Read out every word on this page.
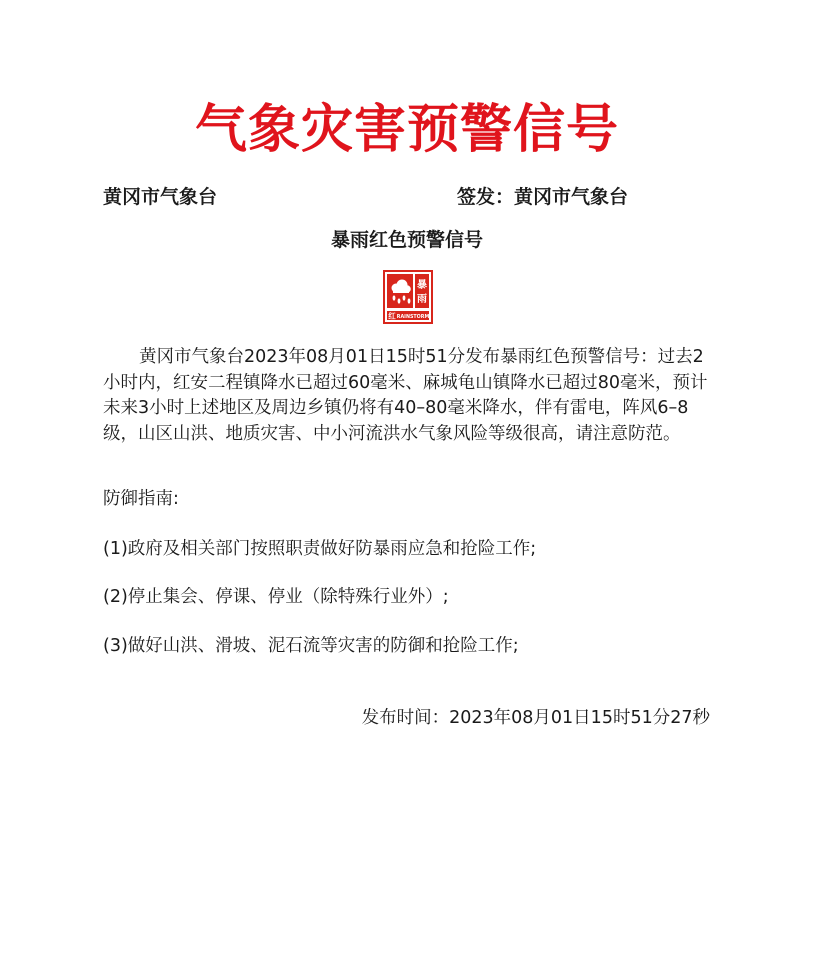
气象灾害预警信号
黄冈市气象台	签发：黄冈市气象台
暴雨红色预警信号
暴
雨
红 RAINSTORM

黄冈市气象台2023年08月01日15时51分发布暴雨红色预警信号：过去2小时内，红安二程镇降水已超过60毫米、麻城龟山镇降水已超过80毫米，预计未来3小时上述地区及周边乡镇仍将有40–80毫米降水，伴有雷电，阵风6–8级，山区山洪、地质灾害、中小河流洪水气象风险等级很高，请注意防范。

防御指南:
(1)政府及相关部门按照职责做好防暴雨应急和抢险工作;
(2)停止集会、停课、停业（除特殊行业外）;
(3)做好山洪、滑坡、泥石流等灾害的防御和抢险工作;
发布时间：2023年08月01日15时51分27秒
